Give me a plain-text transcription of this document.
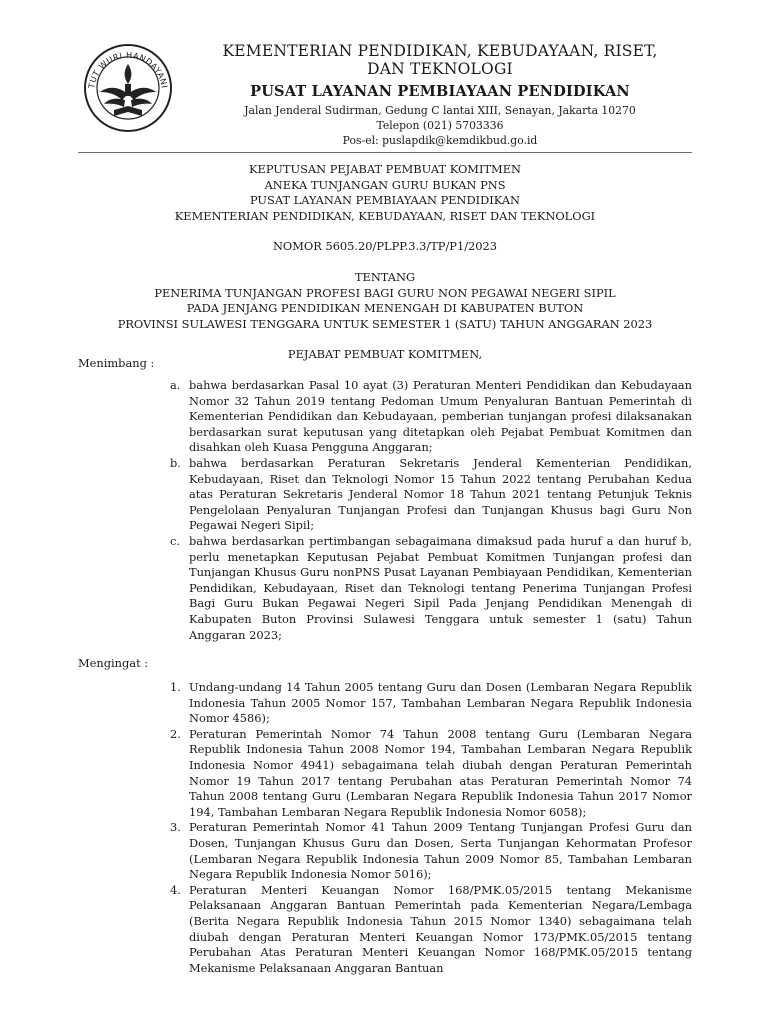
TUT WURI HANDAYANI
KEMENTERIAN PENDIDIKAN, KEBUDAYAAN, RISET,
DAN TEKNOLOGI
PUSAT LAYANAN PEMBIAYAAN PENDIDIKAN
Jalan Jenderal Sudirman, Gedung C lantai XIII, Senayan, Jakarta 10270
Telepon (021) 5703336
Pos-el: puslapdik@kemdikbud.go.id
KEPUTUSAN PEJABAT PEMBUAT KOMITMEN
ANEKA TUNJANGAN GURU BUKAN PNS
PUSAT LAYANAN PEMBIAYAAN PENDIDIKAN
KEMENTERIAN PENDIDIKAN, KEBUDAYAAN, RISET DAN TEKNOLOGI
NOMOR 5605.20/PLPP.3.3/TP/P1/2023
TENTANG
PENERIMA TUNJANGAN PROFESI BAGI GURU NON PEGAWAI NEGERI SIPIL
PADA JENJANG PENDIDIKAN MENENGAH DI KABUPATEN BUTON
PROVINSI SULAWESI TENGGARA UNTUK SEMESTER 1 (SATU) TAHUN ANGGARAN 2023
PEJABAT PEMBUAT KOMITMEN,
Menimbang :
a. bahwa berdasarkan Pasal 10 ayat (3) Peraturan Menteri Pendidikan dan Kebudayaan Nomor 32 Tahun 2019 tentang Pedoman Umum Penyaluran Bantuan Pemerintah di Kementerian Pendidikan dan Kebudayaan, pemberian tunjangan profesi dilaksanakan berdasarkan surat keputusan yang ditetapkan oleh Pejabat Pembuat Komitmen dan disahkan oleh Kuasa Pengguna Anggaran;
b. bahwa berdasarkan Peraturan Sekretaris Jenderal Kementerian Pendidikan, Kebudayaan, Riset dan Teknologi Nomor 15 Tahun 2022 tentang Perubahan Kedua atas Peraturan Sekretaris Jenderal Nomor 18 Tahun 2021 tentang Petunjuk Teknis Pengelolaan Penyaluran Tunjangan Profesi dan Tunjangan Khusus bagi Guru Non Pegawai Negeri Sipil;
c. bahwa berdasarkan pertimbangan sebagaimana dimaksud pada huruf a dan huruf b, perlu menetapkan Keputusan Pejabat Pembuat Komitmen Tunjangan profesi dan Tunjangan Khusus Guru nonPNS Pusat Layanan Pembiayaan Pendidikan, Kementerian Pendidikan, Kebudayaan, Riset dan Teknologi tentang Penerima Tunjangan Profesi Bagi Guru Bukan Pegawai Negeri Sipil Pada Jenjang Pendidikan Menengah di Kabupaten Buton Provinsi Sulawesi Tenggara untuk semester 1 (satu) Tahun Anggaran 2023;
Mengingat :
1. Undang-undang 14 Tahun 2005 tentang Guru dan Dosen (Lembaran Negara Republik Indonesia Tahun 2005 Nomor 157, Tambahan Lembaran Negara Republik Indonesia Nomor 4586);
2. Peraturan Pemerintah Nomor 74 Tahun 2008 tentang Guru (Lembaran Negara Republik Indonesia Tahun 2008 Nomor 194, Tambahan Lembaran Negara Republik Indonesia Nomor 4941) sebagaimana telah diubah dengan Peraturan Pemerintah Nomor 19 Tahun 2017 tentang Perubahan atas Peraturan Pemerintah Nomor 74 Tahun 2008 tentang Guru (Lembaran Negara Republik Indonesia Tahun 2017 Nomor 194, Tambahan Lembaran Negara Republik Indonesia Nomor 6058);
3. Peraturan Pemerintah Nomor 41 Tahun 2009 Tentang Tunjangan Profesi Guru dan Dosen, Tunjangan Khusus Guru dan Dosen, Serta Tunjangan Kehormatan Profesor (Lembaran Negara Republik Indonesia Tahun 2009 Nomor 85, Tambahan Lembaran Negara Republik Indonesia Nomor 5016);
4. Peraturan Menteri Keuangan Nomor 168/PMK.05/2015 tentang Mekanisme Pelaksanaan Anggaran Bantuan Pemerintah pada Kementerian Negara/Lembaga (Berita Negara Republik Indonesia Tahun 2015 Nomor 1340) sebagaimana telah diubah dengan Peraturan Menteri Keuangan Nomor 173/PMK.05/2015 tentang Perubahan Atas Peraturan Menteri Keuangan Nomor 168/PMK.05/2015 tentang Mekanisme Pelaksanaan Anggaran Bantuan
